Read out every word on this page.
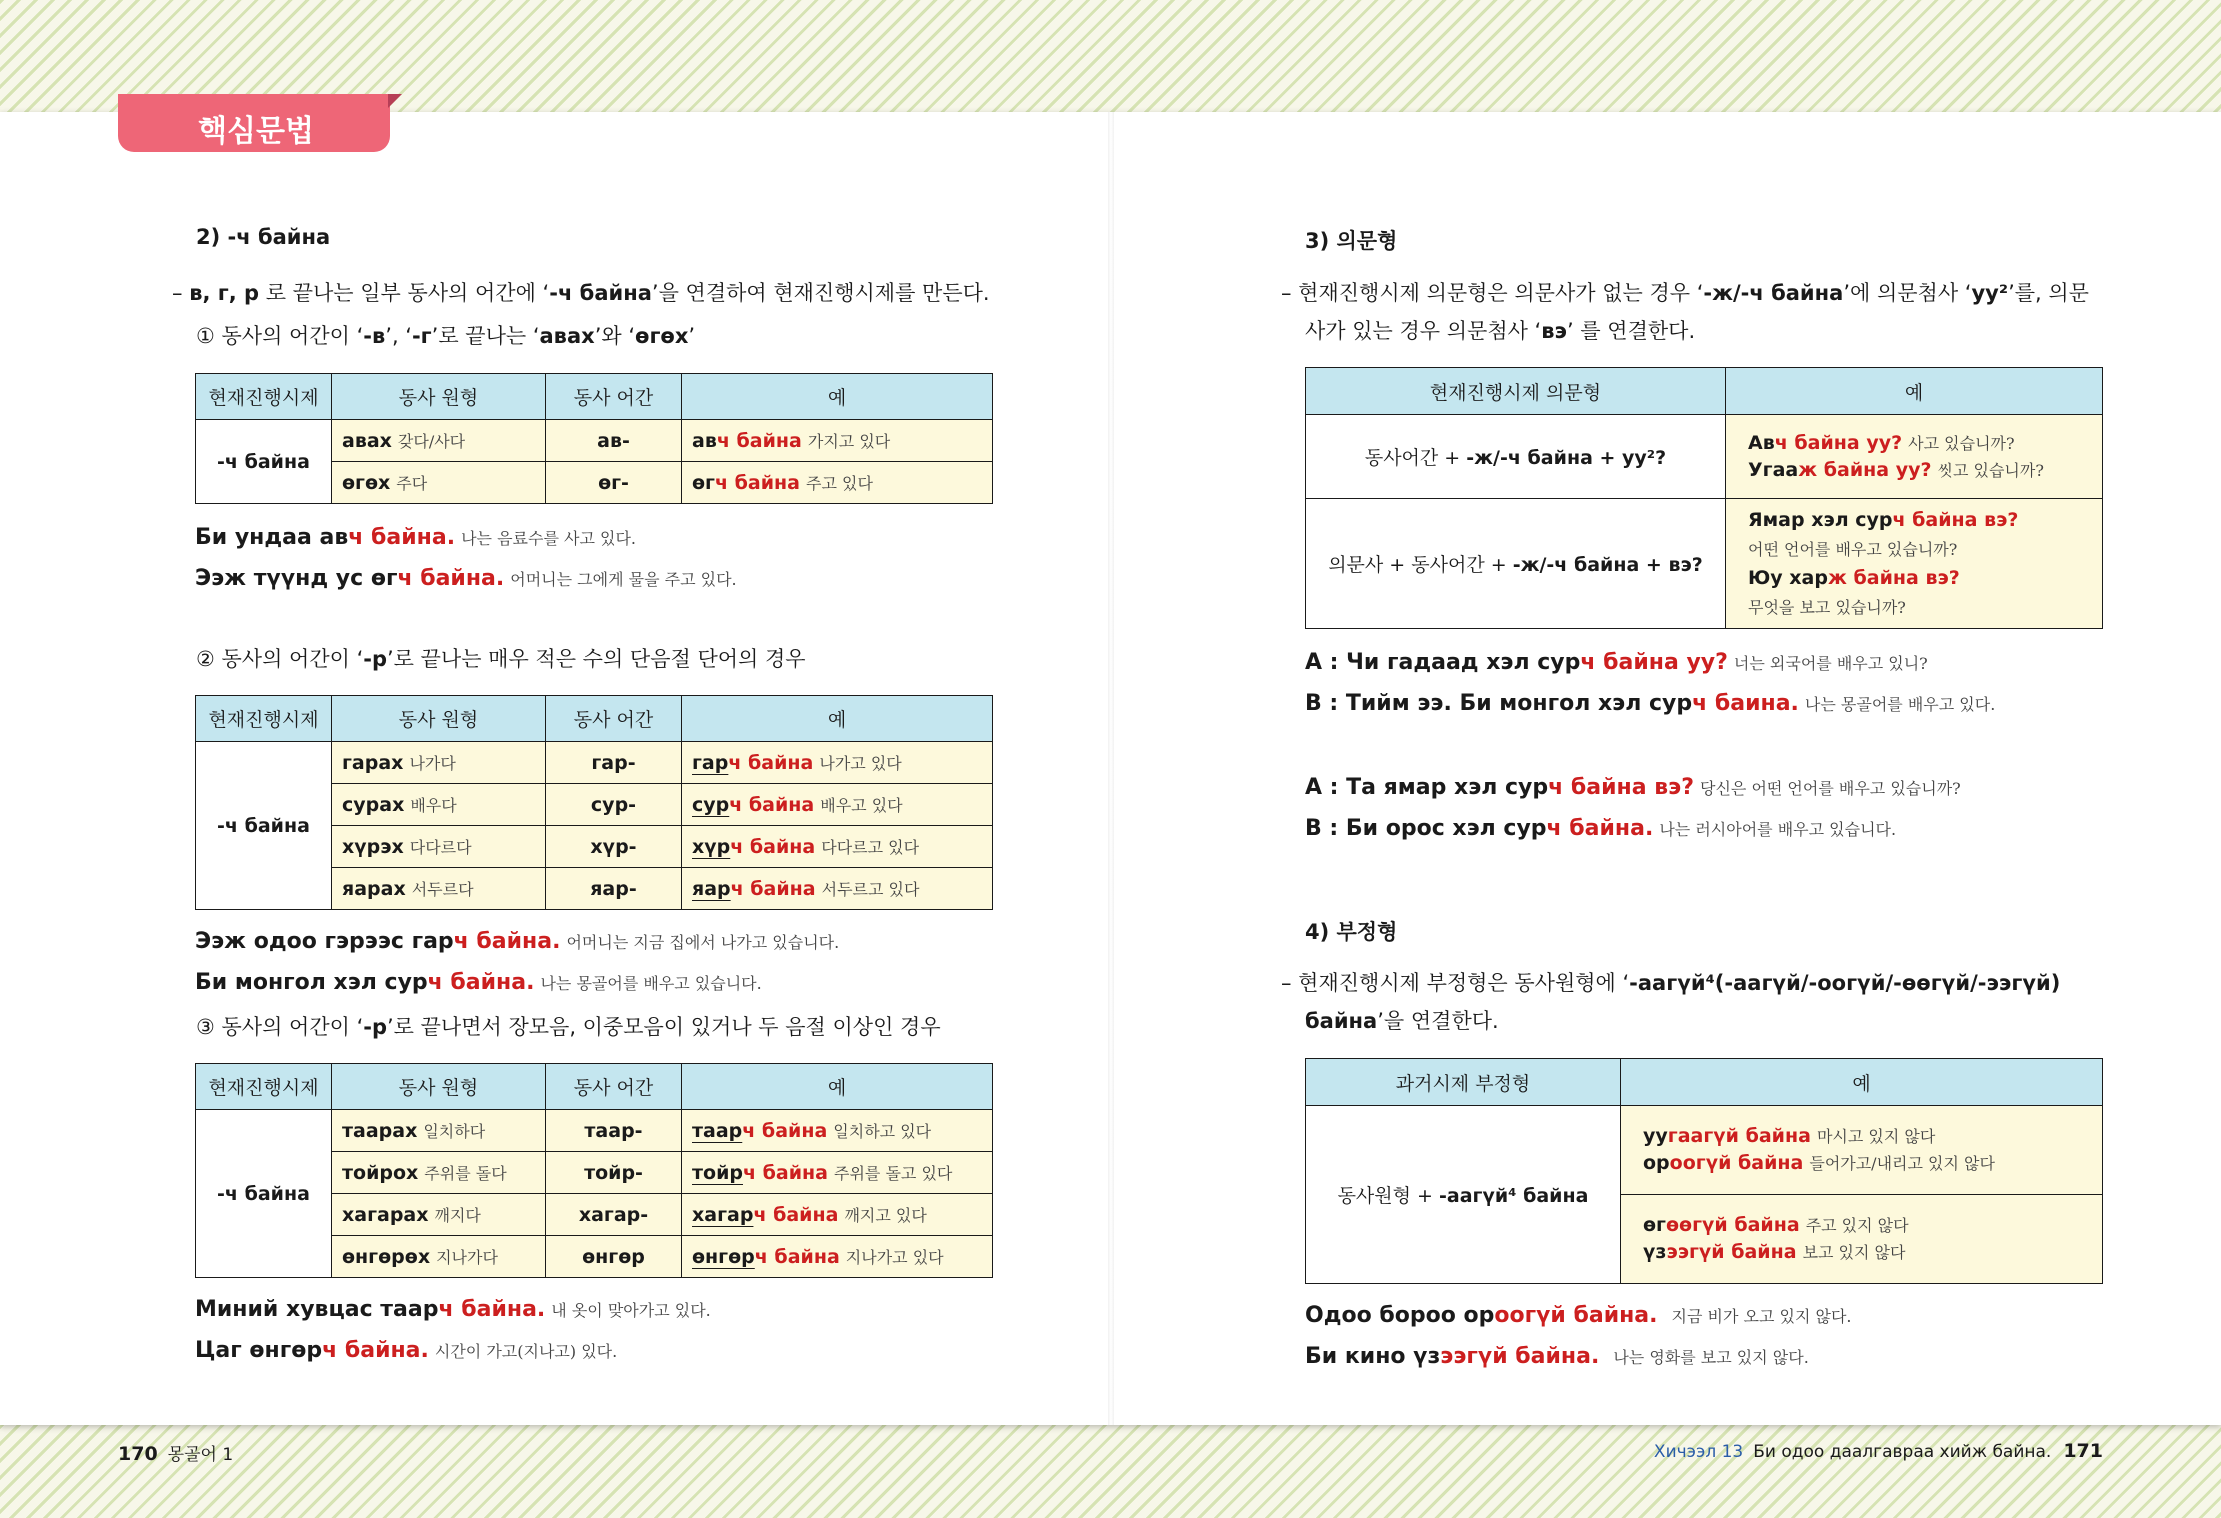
핵심문법
2) -ч байна
– в, г, р 로 끝나는 일부 동사의 어간에 ‘-ч байна’을 연결하여 현재진행시제를 만든다.
① 동사의 어간이 ‘-в’, ‘-г’로 끝나는 ‘авах’와 ‘өгөх’
현재진행시제	동사 원형	동사 어간	예
-ч байна	авах 갖다/사다	ав-	авч байна 가지고 있다
	өгөх 주다	өг-	өгч байна 주고 있다
Би ундаа авч байна. 나는 음료수를 사고 있다.
Ээж түүнд ус өгч байна. 어머니는 그에게 물을 주고 있다.
② 동사의 어간이 ‘-р’로 끝나는 매우 적은 수의 단음절 단어의 경우
현재진행시제	동사 원형	동사 어간	예
-ч байна	гарах 나가다	гар-	гарч байна 나가고 있다
	сурах 배우다	сур-	сурч байна 배우고 있다
	хүрэх 다다르다	хүр-	хүрч байна 다다르고 있다
	яарах 서두르다	яар-	яарч байна 서두르고 있다
Ээж одоо гэрээс гарч байна. 어머니는 지금 집에서 나가고 있습니다.
Би монгол хэл сурч байна. 나는 몽골어를 배우고 있습니다.
③ 동사의 어간이 ‘-р’로 끝나면서 장모음, 이중모음이 있거나 두 음절 이상인 경우
현재진행시제	동사 원형	동사 어간	예
-ч байна	таарах 일치하다	таар-	таарч байна 일치하고 있다
	тойрох 주위를 돌다	тойр-	тойрч байна 주위를 돌고 있다
	хагарах 깨지다	хагар-	хагарч байна 깨지고 있다
	өнгөрөх 지나가다	өнгөр	өнгөрч байна 지나가고 있다
Миний хувцас таарч байна. 내 옷이 맞아가고 있다.
Цаг өнгөрч байна. 시간이 가고(지나고) 있다.
3) 의문형
– 현재진행시제 의문형은 의문사가 없는 경우 ‘-ж/-ч байна’에 의문첨사 ‘уу²’를, 의문
사가 있는 경우 의문첨사 ‘вэ’ 를 연결한다.
현재진행시제 의문형	예
동사어간 + -ж/-ч байна + уу²?	Авч байна уу? 사고 있습니까?
Угааж байна уу? 씻고 있습니까?
의문사 + 동사어간 + -ж/-ч байна + вэ?	Ямар хэл сурч байна вэ?
어떤 언어를 배우고 있습니까?
Юу харж байна вэ?
무엇을 보고 있습니까?
А : Чи гадаад хэл сурч байна уу? 너는 외국어를 배우고 있니?
B : Тийм ээ. Би монгол хэл сурч баина. 나는 몽골어를 배우고 있다.
А : Та ямар хэл сурч байна вэ? 당신은 어떤 언어를 배우고 있습니까?
B : Би орос хэл сурч байна. 나는 러시아어를 배우고 있습니다.
4) 부정형
– 현재진행시제 부정형은 동사원형에 ‘-аагүй⁴(-аагүй/-оогүй/-өөгүй/-ээгүй)
байна’을 연결한다.
과거시제 부정형	예
동사원형 + -аагүй⁴ байна	уугаагүй байна 마시고 있지 않다
ороогүй байна 들어가고/내리고 있지 않다
	өгөөгүй байна 주고 있지 않다
үзээгүй байна 보고 있지 않다
Одоо бороо ороогүй байна. 지금 비가 오고 있지 않다.
Би кино үзээгүй байна. 나는 영화를 보고 있지 않다.
170 몽골어 1	Хичээл 13 Би одоо даалгавраа хийж байна. 171
